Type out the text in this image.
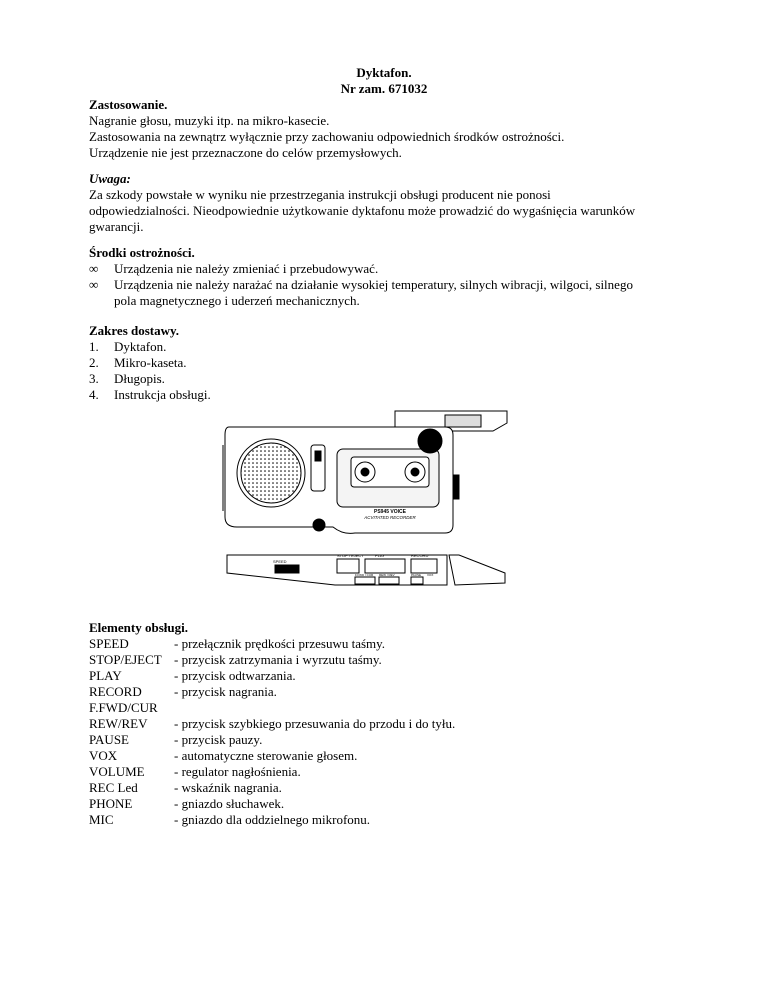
Dyktafon.
Nr zam. 671032
Zastosowanie.
Nagranie głosu, muzyki itp. na mikro-kasecie.
Zastosowania na zewnątrz wyłącznie przy zachowaniu odpowiednich środków ostrożności.
Urządzenie nie jest przeznaczone do celów przemysłowych.
Uwaga:
Za szkody powstałe w wyniku nie przestrzegania instrukcji obsługi producent nie ponosi
odpowiedzialności. Nieodpowiednie użytkowanie dyktafonu może prowadzić do wygaśnięcia warunków
gwarancji.
Środki ostrożności.
∞ Urządzenia nie należy zmieniać i przebudowywać.
∞ Urządzenia nie należy narażać na działanie wysokiej temperatury, silnych wibracji, wilgoci, silnego
pola magnetycznego i uderzeń mechanicznych.
Zakres dostawy.
1. Dyktafon.
2. Mikro-kaseta.
3. Długopis.
4. Instrukcja obsługi.
PS945 VOICE
ACVITATED RECORDER
SPEED
STOP / EJECT	PLAY	RECORD
F.FWD / CUR REW / REV	PAUSE VOX
Elementy obsługi.
SPEED	- przełącznik prędkości przesuwu taśmy.
STOP/EJECT - przycisk zatrzymania i wyrzutu taśmy.
PLAY	- przycisk odtwarzania.
RECORD	- przycisk nagrania.
F.FWD/CUR
REW/REV	- przycisk szybkiego przesuwania do przodu i do tyłu.
PAUSE	- przycisk pauzy.
VOX	- automatyczne sterowanie głosem.
VOLUME	- regulator nagłośnienia.
REC Led	- wskaźnik nagrania.
PHONE	- gniazdo słuchawek.
MIC	- gniazdo dla oddzielnego mikrofonu.
